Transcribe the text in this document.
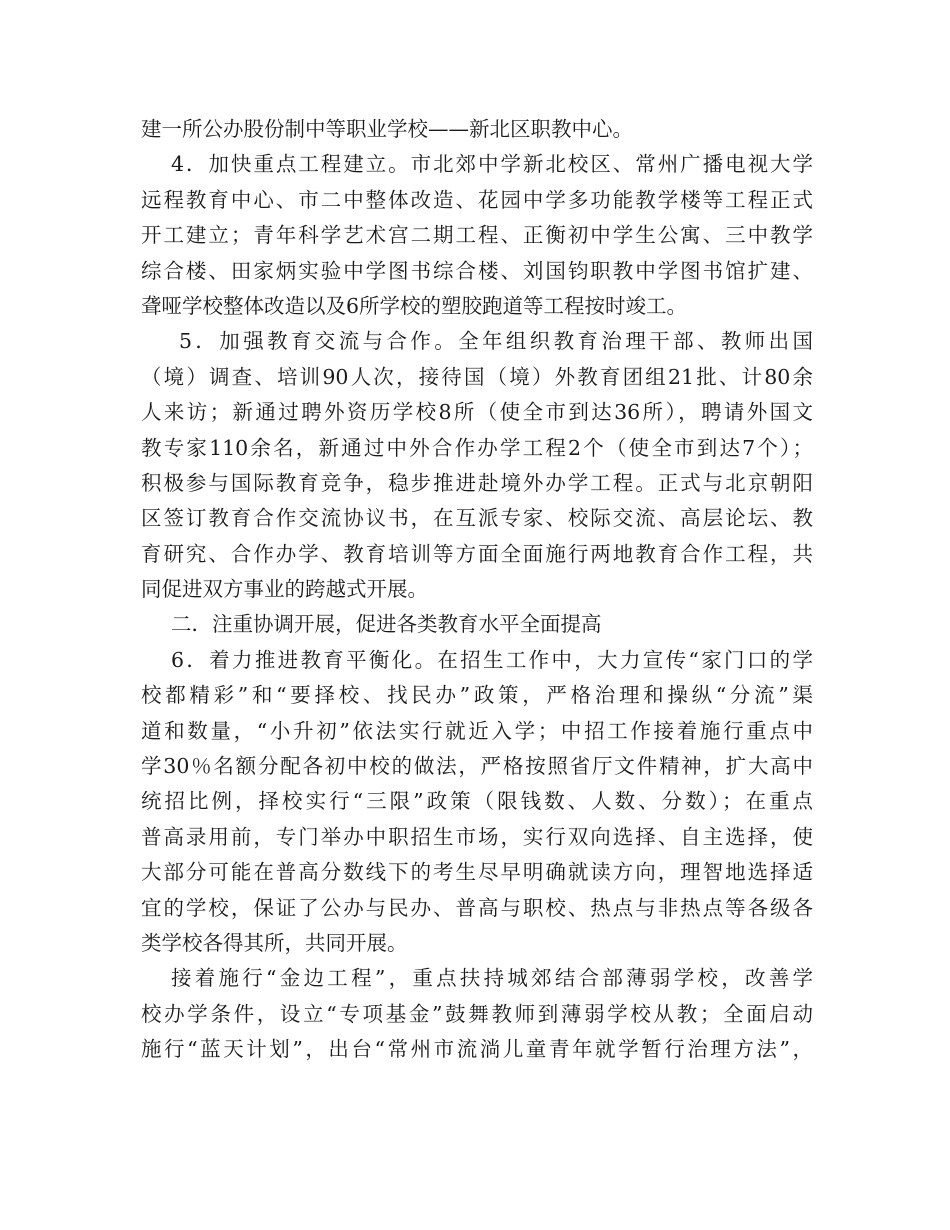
建一所公办股份制中等职业学校——新北区职教中心。
4．加快重点工程建立。市北郊中学新北校区、常州广播电视大学
远程教育中心、市二中整体改造、花园中学多功能教学楼等工程正式
开工建立；青年科学艺术宫二期工程、正衡初中学生公寓、三中教学
综合楼、田家炳实验中学图书综合楼、刘国钧职教中学图书馆扩建、
聋哑学校整体改造以及6所学校的塑胶跑道等工程按时竣工。
5．加强教育交流与合作。全年组织教育治理干部、教师出国
（境）调查、培训90人次，接待国（境）外教育团组21批、计80余
人来访；新通过聘外资历学校8所（使全市到达36所），聘请外国文
教专家110余名，新通过中外合作办学工程2个（使全市到达7个）；
积极参与国际教育竞争，稳步推进赴境外办学工程。正式与北京朝阳
区签订教育合作交流协议书，在互派专家、校际交流、高层论坛、教
育研究、合作办学、教育培训等方面全面施行两地教育合作工程，共
同促进双方事业的跨越式开展。
二．注重协调开展，促进各类教育水平全面提高
6．着力推进教育平衡化。在招生工作中，大力宣传“家门口的学
校都精彩”和“要择校、找民办”政策，严格治理和操纵“分流”渠
道和数量，“小升初”依法实行就近入学；中招工作接着施行重点中
学30％名额分配各初中校的做法，严格按照省厅文件精神，扩大高中
统招比例，择校实行“三限”政策（限钱数、人数、分数）；在重点
普高录用前，专门举办中职招生市场，实行双向选择、自主选择，使
大部分可能在普高分数线下的考生尽早明确就读方向，理智地选择适
宜的学校，保证了公办与民办、普高与职校、热点与非热点等各级各
类学校各得其所，共同开展。
接着施行“金边工程”，重点扶持城郊结合部薄弱学校，改善学
校办学条件，设立“专项基金”鼓舞教师到薄弱学校从教；全面启动
施行“蓝天计划”，出台“常州市流淌儿童青年就学暂行治理方法”，
